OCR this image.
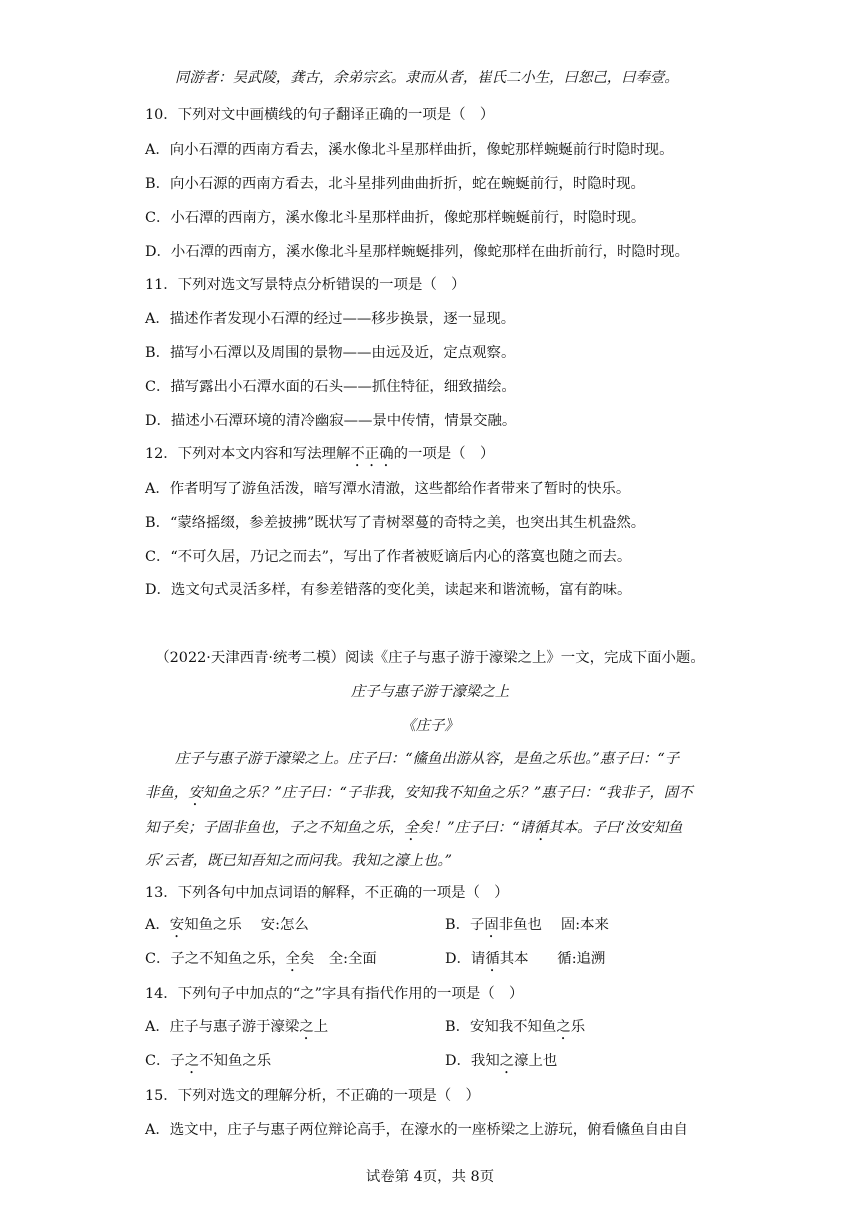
同游者：吴武陵，龚古，余弟宗玄。隶而从者，崔氏二小生，曰恕己，曰奉壹。
10．下列对文中画横线的句子翻译正确的一项是（　）
A．向小石潭的西南方看去，溪水像北斗星那样曲折，像蛇那样蜿蜒前行时隐时现。
B．向小石源的西南方看去，北斗星排列曲曲折折，蛇在蜿蜒前行，时隐时现。
C．小石潭的西南方，溪水像北斗星那样曲折，像蛇那样蜿蜒前行，时隐时现。
D．小石潭的西南方，溪水像北斗星那样蜿蜒排列，像蛇那样在曲折前行，时隐时现。
11．下列对选文写景特点分析错误的一项是（　）
A．描述作者发现小石潭的经过——移步换景，逐一显现。
B．描写小石潭以及周围的景物——由远及近，定点观察。
C．描写露出小石潭水面的石头——抓住特征，细致描绘。
D．描述小石潭环境的清冷幽寂——景中传情，情景交融。
12．下列对本文内容和写法理解不正确的一项是（　）
A．作者明写了游鱼活泼，暗写潭水清澈，这些都给作者带来了暂时的快乐。
B．“蒙络摇缀，参差披拂”既状写了青树翠蔓的奇特之美，也突出其生机盎然。
C．“不可久居，乃记之而去”，写出了作者被贬谪后内心的落寞也随之而去。
D．选文句式灵活多样，有参差错落的变化美，读起来和谐流畅，富有韵味。
（2022·天津西青·统考二模）阅读《庄子与惠子游于濠梁之上》一文，完成下面小题。
庄子与惠子游于濠梁之上
《庄子》
庄子与惠子游于濠梁之上。庄子曰：“鯈鱼出游从容，是鱼之乐也。”惠子曰：“子
非鱼，安知鱼之乐？”庄子曰：“子非我，安知我不知鱼之乐？”惠子曰：“我非子，固不
知子矣；子固非鱼也，子之不知鱼之乐，全矣！”庄子曰：“请循其本。子曰‘汝安知鱼
乐’云者，既已知吾知之而问我。我知之濠上也。”
13．下列各句中加点词语的解释，不正确的一项是（　）
A．安知鱼之乐　 安:怎么	B．子固非鱼也　 固:本来
C．子之不知鱼之乐，全矣　全:全面	D．请循其本　　循:追溯
14．下列句子中加点的“之”字具有指代作用的一项是（　）
A．庄子与惠子游于濠梁之上	B．安知我不知鱼之乐
C．子之不知鱼之乐	D．我知之濠上也
15．下列对选文的理解分析，不正确的一项是（　）
A．选文中，庄子与惠子两位辩论高手，在濠水的一座桥梁之上游玩，俯看鯈鱼自由自
试卷第 4页，共 8页
